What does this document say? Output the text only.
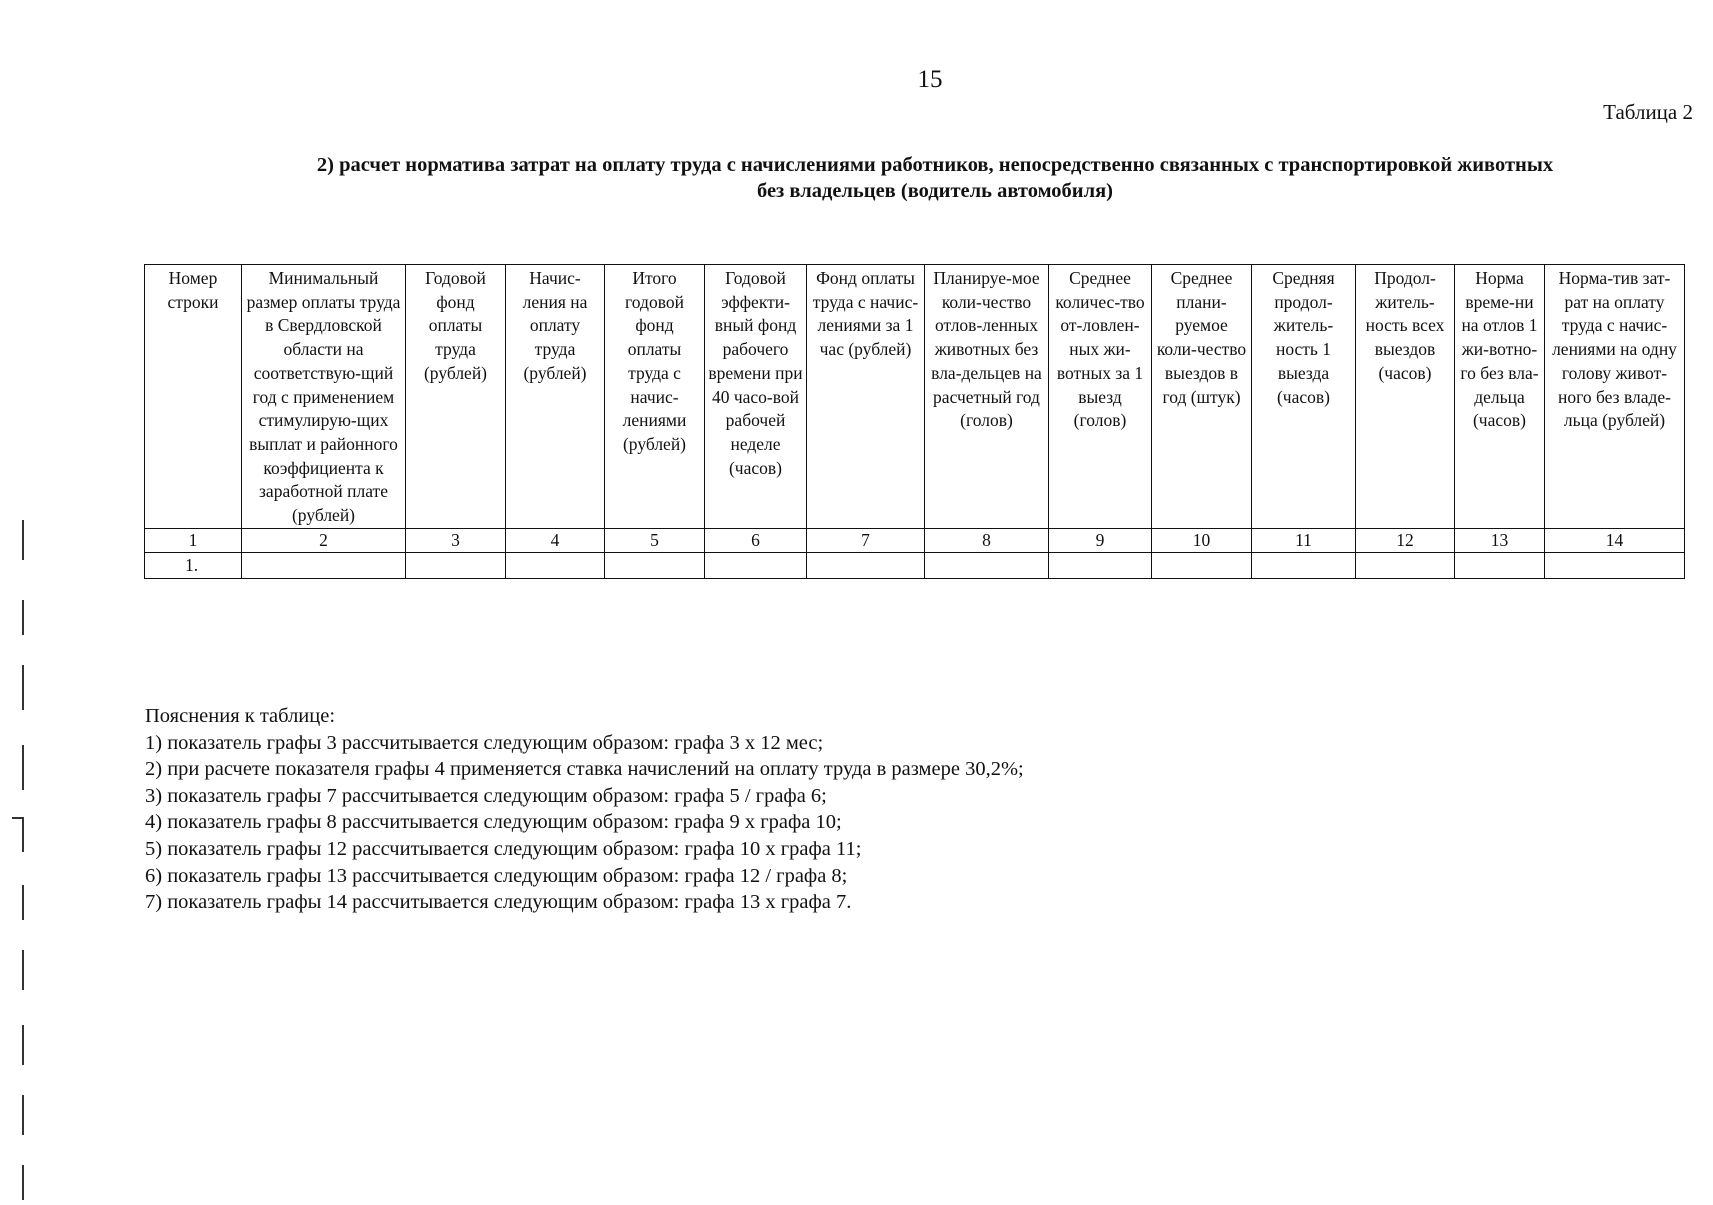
15
Таблица 2
2) расчет норматива затрат на оплату труда с начислениями работников, непосредственно связанных с транспортировкой животных
без владельцев (водитель автомобиля)
Номер строки	Минимальный размер оплаты труда в Свердловской области на соответствую-щий год с применением стимулирую-щих выплат и районного коэффициента к заработной плате (рублей)	Годовой фонд оплаты труда (рублей)	Начис-ления на оплату труда (рублей)	Итого годовой фонд оплаты труда с начис-лениями (рублей)	Годовой эффекти-вный фонд рабочего времени при 40 часо-вой рабочей неделе (часов)	Фонд оплаты труда с начис-лениями за 1 час (рублей)	Планируе-мое коли-чество отлов-ленных животных без вла-дельцев на расчетный год (голов)	Среднее количес-тво от-ловлен-ных жи-вотных за 1 выезд (голов)	Среднее плани-руемое коли-чество выездов в год (штук)	Средняя продол-житель-ность 1 выезда (часов)	Продол-житель-ность всех выездов (часов)	Норма време-ни на отлов 1 жи-вотно-го без вла-дельца (часов)	Норма-тив зат-рат на оплату труда с начис-лениями на одну голову живот-ного без владе-льца (рублей)
1	2	3	4	5	6	7	8	9	10	11	12	13	14
1.													
Пояснения к таблице:
1) показатель графы 3 рассчитывается следующим образом: графа 3 х 12 мес;
2) при расчете показателя графы 4 применяется ставка начислений на оплату труда в размере 30,2%;
3) показатель графы 7 рассчитывается следующим образом: графа 5 / графа 6;
4) показатель графы 8 рассчитывается следующим образом: графа 9 х графа 10;
5) показатель графы 12 рассчитывается следующим образом: графа 10 х графа 11;
6) показатель графы 13 рассчитывается следующим образом: графа 12 / графа 8;
7) показатель графы 14 рассчитывается следующим образом: графа 13 х графа 7.
